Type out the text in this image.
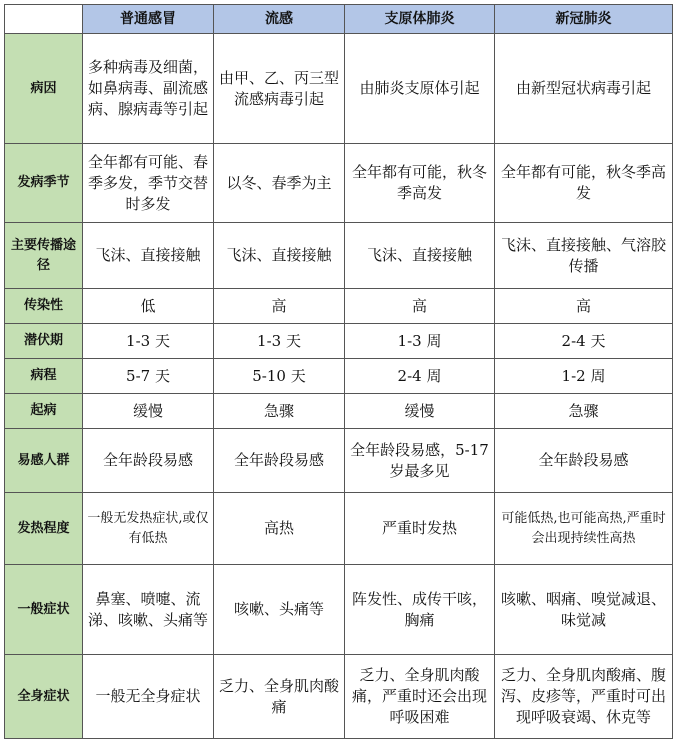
	普通感冒	流感	支原体肺炎	新冠肺炎
病因	多种病毒及细菌，如鼻病毒、副流感病、腺病毒等引起	由甲、乙、丙三型流感病毒引起	由肺炎支原体引起	由新型冠状病毒引起
发病季节	全年都有可能、春季多发，季节交替时多发	以冬、春季为主	全年都有可能，秋冬季高发	全年都有可能，秋冬季高发
主要传播途径	飞沫、直接接触	飞沫、直接接触	飞沫、直接接触	飞沫、直接接触、气溶胶传播
传染性	低	高	高	高
潜伏期	1-3 天	1-3 天	1-3 周	2-4 天
病程	5-7 天	5-10 天	2-4 周	1-2 周
起病	缓慢	急骤	缓慢	急骤
易感人群	全年龄段易感	全年龄段易感	全年龄段易感，5-17 岁最多见	全年龄段易感
发热程度	一般无发热症状,或仅有低热	高热	严重时发热	可能低热,也可能高热,严重时会出现持续性高热
一般症状	鼻塞、喷嚏、流涕、咳嗽、头痛等	咳嗽、头痛等	阵发性、成传干咳，胸痛	咳嗽、咽痛、嗅觉减退、味觉减
全身症状	一般无全身症状	乏力、全身肌肉酸痛	乏力、全身肌肉酸痛，严重时还会出现呼吸困难	乏力、全身肌肉酸痛、腹泻、皮疹等，严重时可出现呼吸衰竭、休克等
